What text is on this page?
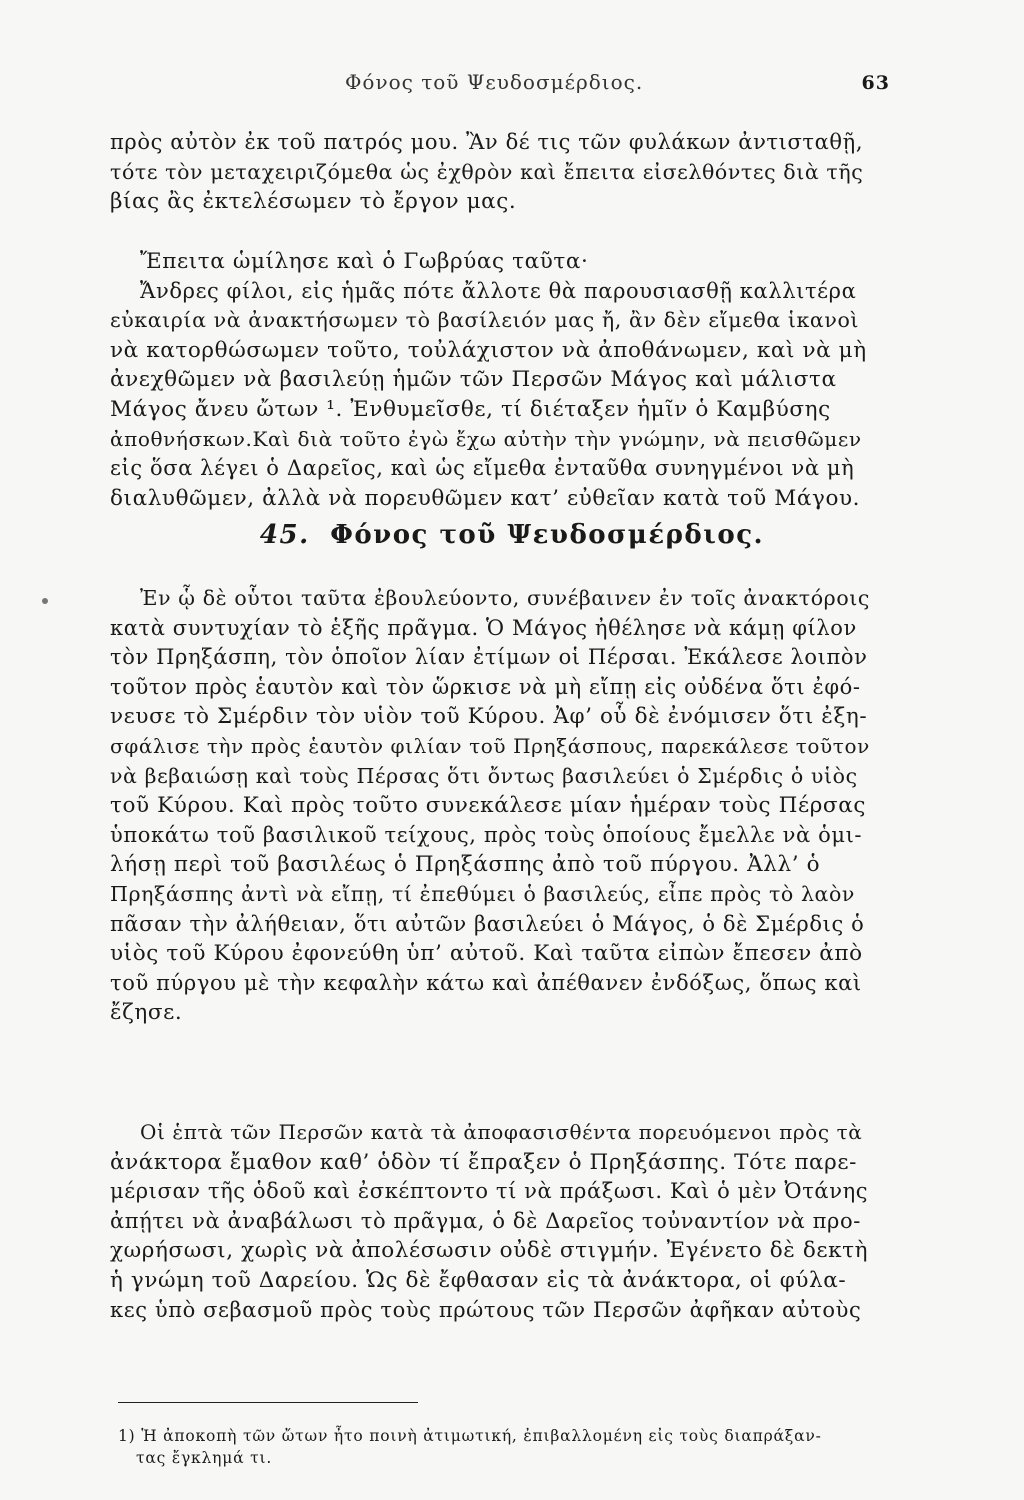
Φόνος τοῦ Ψευδοσμέρδιος.	63

πρὸς αὐτὸν ἐκ τοῦ πατρός μου. Ἂν δέ τις τῶν φυλάκων ἀντισταθῇ,
τότε τὸν μεταχειριζόμεθα ὡς ἐχθρὸν καὶ ἔπειτα εἰσελθόντες διὰ τῆς
βίας ἂς ἐκτελέσωμεν τὸ ἔργον μας.

Ἔπειτα ὡμίλησε καὶ ὁ Γωβρύας ταῦτα·
Ἄνδρες φίλοι, εἰς ἡμᾶς πότε ἄλλοτε θὰ παρουσιασθῇ καλλιτέρα
εὐκαιρία νὰ ἀνακτήσωμεν τὸ βασίλειόν μας ἤ, ἂν δὲν εἴμεθα ἱκανοὶ
νὰ κατορθώσωμεν τοῦτο, τοὐλάχιστον νὰ ἀποθάνωμεν, καὶ νὰ μὴ
ἀνεχθῶμεν νὰ βασιλεύῃ ἡμῶν τῶν Περσῶν Μάγος καὶ μάλιστα
Μάγος ἄνευ ὤτων ¹. Ἐνθυμεῖσθε, τί διέταξεν ἡμῖν ὁ Καμβύσης
ἀποθνήσκων.Καὶ διὰ τοῦτο ἐγὼ ἔχω αὐτὴν τὴν γνώμην, νὰ πεισθῶμεν
εἰς ὅσα λέγει ὁ Δαρεῖος, καὶ ὡς εἴμεθα ἐνταῦθα συνηγμένοι νὰ μὴ
διαλυθῶμεν, ἀλλὰ νὰ πορευθῶμεν κατ’ εὐθεῖαν κατὰ τοῦ Μάγου.

45. Φόνος τοῦ Ψευδοσμέρδιος.

Ἐν ᾧ δὲ οὗτοι ταῦτα ἐβουλεύοντο, συνέβαινεν ἐν τοῖς ἀνακτόροις
κατὰ συντυχίαν τὸ ἑξῆς πρᾶγμα. Ὁ Μάγος ἠθέλησε νὰ κάμῃ φίλον
τὸν Πρηξάσπη, τὸν ὁποῖον λίαν ἐτίμων οἱ Πέρσαι. Ἐκάλεσε λοιπὸν
τοῦτον πρὸς ἑαυτὸν καὶ τὸν ὥρκισε νὰ μὴ εἴπῃ εἰς οὐδένα ὅτι ἐφό-
νευσε τὸ Σμέρδιν τὸν υἱὸν τοῦ Κύρου. Ἀφ’ οὗ δὲ ἐνόμισεν ὅτι ἐξη-
σφάλισε τὴν πρὸς ἑαυτὸν φιλίαν τοῦ Πρηξάσπους, παρεκάλεσε τοῦτον
νὰ βεβαιώσῃ καὶ τοὺς Πέρσας ὅτι ὄντως βασιλεύει ὁ Σμέρδις ὁ υἱὸς
τοῦ Κύρου. Καὶ πρὸς τοῦτο συνεκάλεσε μίαν ἡμέραν τοὺς Πέρσας
ὑποκάτω τοῦ βασιλικοῦ τείχους, πρὸς τοὺς ὁποίους ἔμελλε νὰ ὁμι-
λήσῃ περὶ τοῦ βασιλέως ὁ Πρηξάσπης ἀπὸ τοῦ πύργου. Ἀλλ’ ὁ
Πρηξάσπης ἀντὶ νὰ εἴπῃ, τί ἐπεθύμει ὁ βασιλεύς, εἶπε πρὸς τὸ λαὸν
πᾶσαν τὴν ἀλήθειαν, ὅτι αὐτῶν βασιλεύει ὁ Μάγος, ὁ δὲ Σμέρδις ὁ
υἱὸς τοῦ Κύρου ἐφονεύθη ὑπ’ αὐτοῦ. Καὶ ταῦτα εἰπὼν ἔπεσεν ἀπὸ
τοῦ πύργου μὲ τὴν κεφαλὴν κάτω καὶ ἀπέθανεν ἐνδόξως, ὅπως καὶ
ἔζησε.

Οἱ ἑπτὰ τῶν Περσῶν κατὰ τὰ ἀποφασισθέντα πορευόμενοι πρὸς τὰ
ἀνάκτορα ἔμαθον καθ’ ὁδὸν τί ἔπραξεν ὁ Πρηξάσπης. Τότε παρε-
μέρισαν τῆς ὁδοῦ καὶ ἐσκέπτοντο τί νὰ πράξωσι. Καὶ ὁ μὲν Ὀτάνης
ἀπῄτει νὰ ἀναβάλωσι τὸ πρᾶγμα, ὁ δὲ Δαρεῖος τοὐναντίον νὰ προ-
χωρήσωσι, χωρὶς νὰ ἀπολέσωσιν οὐδὲ στιγμήν. Ἐγένετο δὲ δεκτὴ
ἡ γνώμη τοῦ Δαρείου. Ὡς δὲ ἔφθασαν εἰς τὰ ἀνάκτορα, οἱ φύλα-
κες ὑπὸ σεβασμοῦ πρὸς τοὺς πρώτους τῶν Περσῶν ἀφῆκαν αὐτοὺς

1) Ἡ ἀποκοπὴ τῶν ὤτων ἦτο ποινὴ ἀτιμωτική, ἐπιβαλλομένη εἰς τοὺς διαπράξαν-
τας ἔγκλημά τι.
